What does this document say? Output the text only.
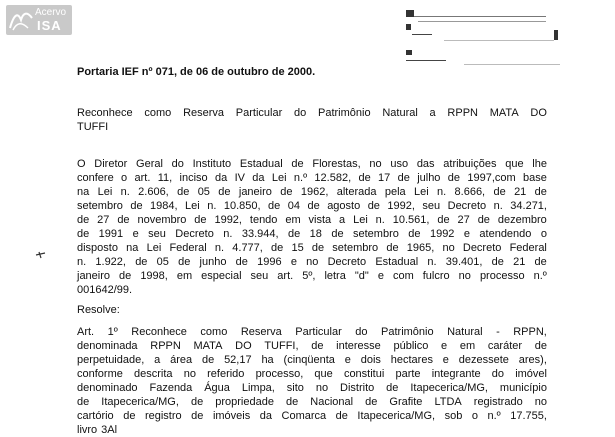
Acervo
ISA
Portaria IEF nº 071, de 06 de outubro de 2000.
Reconhece como Reserva Particular do Patrimônio Natural a RPPN MATA DO
TUFFI
O Diretor Geral do Instituto Estadual de Florestas, no uso das atribuições que lhe
confere o art. 11, inciso da IV da Lei n.º 12.582, de 17 de julho de 1997,com base
na Lei n. 2.606, de 05 de janeiro de 1962, alterada pela Lei n. 8.666, de 21 de
setembro de 1984, Lei n. 10.850, de 04 de agosto de 1992, seu Decreto n. 34.271,
de 27 de novembro de 1992, tendo em vista a Lei n. 10.561, de 27 de dezembro
de 1991 e seu Decreto n. 33.944, de 18 de setembro de 1992 e atendendo o
disposto na Lei Federal n. 4.777, de 15 de setembro de 1965, no Decreto Federal
n. 1.922, de 05 de junho de 1996 e no Decreto Estadual n. 39.401, de 21 de
janeiro de 1998, em especial seu art. 5º, letra "d" e com fulcro no processo n.º
001642/99.
Resolve:
Art. 1º Reconhece como Reserva Particular do Patrimônio Natural - RPPN,
denominada RPPN MATA DO TUFFI, de interesse público e em caráter de
perpetuidade, a área de 52,17 ha (cinqüenta e dois hectares e dezessete ares),
conforme descrita no referido processo, que constitui parte integrante do imóvel
denominado Fazenda Água Limpa, sito no Distrito de Itapecerica/MG, município
de Itapecerica/MG, de propriedade de Nacional de Grafite LTDA registrado no
cartório de registro de imóveis da Comarca de Itapecerica/MG, sob o n.º 17.755,
livro 3Al
